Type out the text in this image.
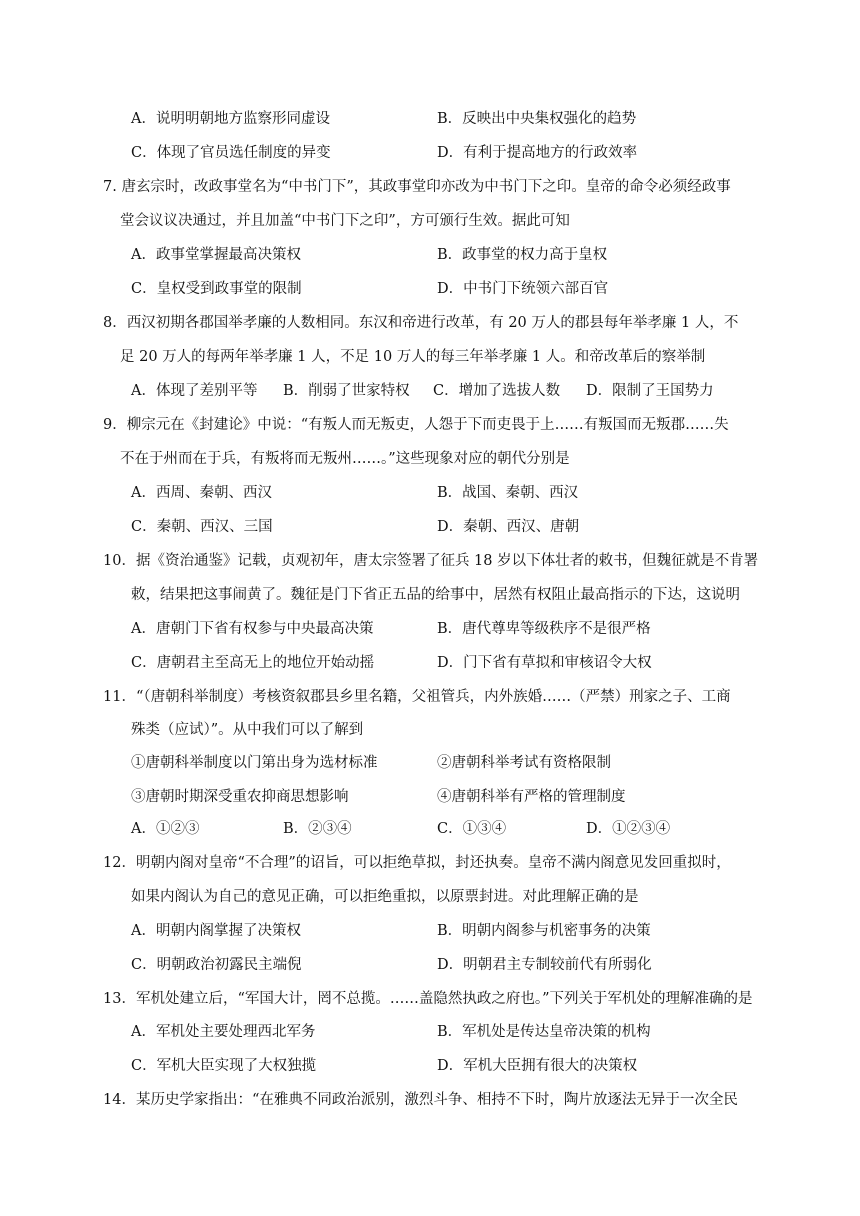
A．说明明朝地方监察形同虚设	B．反映出中央集权强化的趋势
C．体现了官员选任制度的异变	D．有利于提高地方的行政效率
7. 唐玄宗时，改政事堂名为“中书门下”，其政事堂印亦改为中书门下之印。皇帝的命令必须经政事
堂会议议决通过，并且加盖“中书门下之印”，方可颁行生效。据此可知
A．政事堂掌握最高决策权	B．政事堂的权力高于皇权
C．皇权受到政事堂的限制	D．中书门下统领六部百官
8．西汉初期各郡国举孝廉的人数相同。东汉和帝进行改革，有 20 万人的郡县每年举孝廉 1 人，不
足 20 万人的每两年举孝廉 1 人，不足 10 万人的每三年举孝廉 1 人。和帝改革后的察举制
A．体现了差别平等 B．削弱了世家特权 C．增加了选拔人数 D．限制了王国势力
9．柳宗元在《封建论》中说：“有叛人而无叛吏，人怨于下而吏畏于上……有叛国而无叛郡……失
不在于州而在于兵，有叛将而无叛州……。”这些现象对应的朝代分别是
A．西周、秦朝、西汉	B．战国、秦朝、西汉
C．秦朝、西汉、三国	D．秦朝、西汉、唐朝
10．据《资治通鉴》记载，贞观初年，唐太宗签署了征兵 18 岁以下体壮者的敕书，但魏征就是不肯署
敕，结果把这事闹黄了。魏征是门下省正五品的给事中，居然有权阻止最高指示的下达，这说明
A．唐朝门下省有权参与中央最高决策	B．唐代尊卑等级秩序不是很严格
C．唐朝君主至高无上的地位开始动摇	D．门下省有草拟和审核诏令大权
11．“（唐朝科举制度）考核资叙郡县乡里名籍，父祖管兵，内外族婚……（严禁）刑家之子、工商
殊类（应试）”。从中我们可以了解到
①唐朝科举制度以门第出身为选材标准	②唐朝科举考试有资格限制
③唐朝时期深受重农抑商思想影响	④唐朝科举有严格的管理制度
A．①②③	B．②③④	C．①③④	D．①②③④
12．明朝内阁对皇帝“不合理”的诏旨，可以拒绝草拟，封还执奏。皇帝不满内阁意见发回重拟时，
如果内阁认为自己的意见正确，可以拒绝重拟，以原票封进。对此理解正确的是
A．明朝内阁掌握了决策权	B．明朝内阁参与机密事务的决策
C．明朝政治初露民主端倪	D．明朝君主专制较前代有所弱化
13．军机处建立后，“军国大计，罔不总揽。……盖隐然执政之府也。”下列关于军机处的理解准确的是
A．军机处主要处理西北军务	B．军机处是传达皇帝决策的机构
C．军机大臣实现了大权独揽	D．军机大臣拥有很大的决策权
14．某历史学家指出：“在雅典不同政治派别，激烈斗争、相持不下时，陶片放逐法无异于一次全民
